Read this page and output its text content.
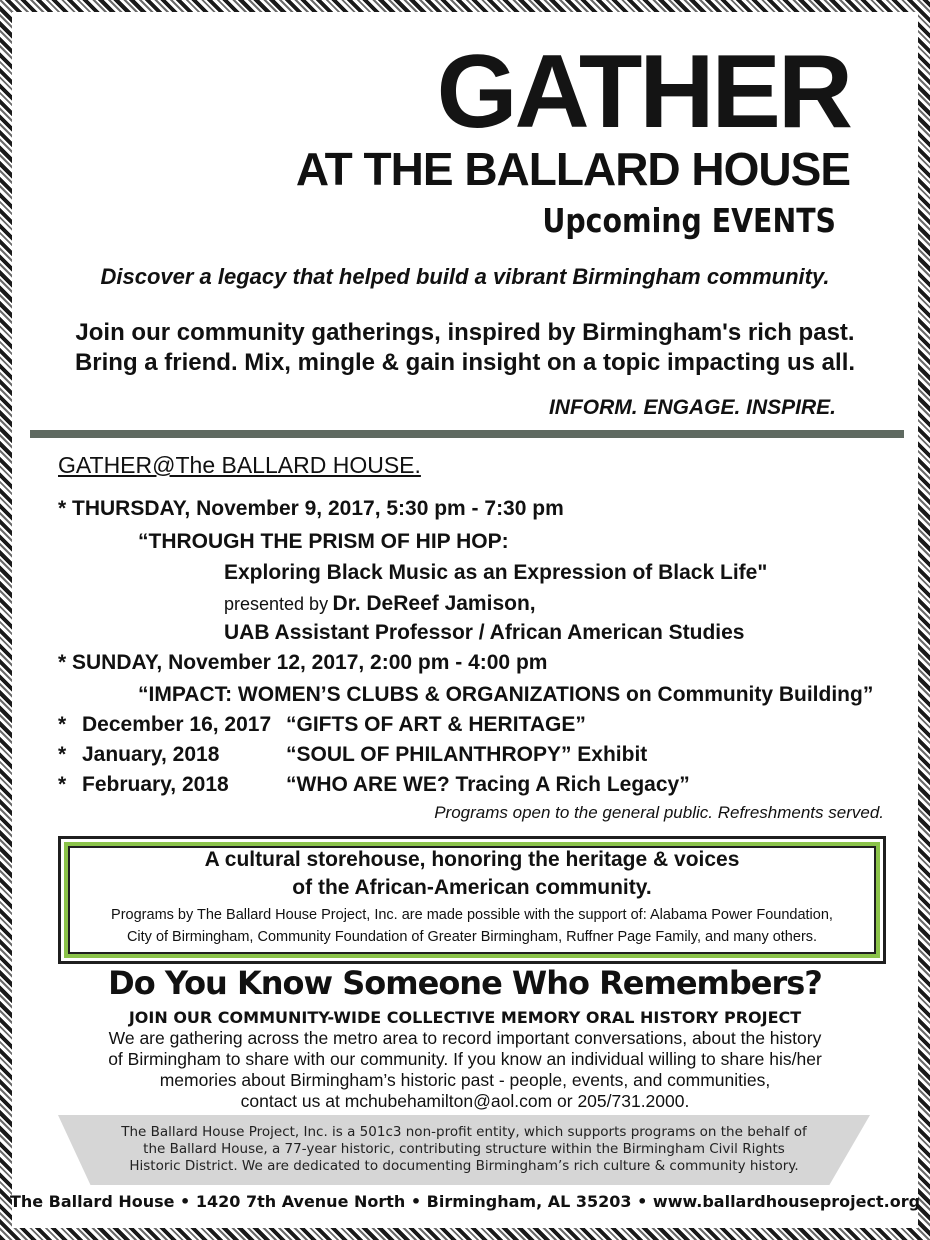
GATHER
AT THE BALLARD HOUSE
Upcoming EVENTS
Discover a legacy that helped build a vibrant Birmingham community.
Join our community gatherings, inspired by Birmingham's rich past.
Bring a friend. Mix, mingle & gain insight on a topic impacting us all.
INFORM. ENGAGE. INSPIRE.
GATHER@The BALLARD HOUSE.
* THURSDAY, November 9, 2017, 5:30 pm - 7:30 pm
“THROUGH THE PRISM OF HIP HOP:
Exploring Black Music as an Expression of Black Life"
presented by Dr. DeReef Jamison,
UAB Assistant Professor / African American Studies
* SUNDAY, November 12, 2017, 2:00 pm - 4:00 pm
“IMPACT: WOMEN’S CLUBS & ORGANIZATIONS on Community Building”
* December 16, 2017 “GIFTS OF ART & HERITAGE”
* January, 2018	“SOUL OF PHILANTHROPY” Exhibit
* February, 2018	“WHO ARE WE? Tracing A Rich Legacy”
Programs open to the general public. Refreshments served.
A cultural storehouse, honoring the heritage & voices
of the African-American community.
Programs by The Ballard House Project, Inc. are made possible with the support of: Alabama Power Foundation,
City of Birmingham, Community Foundation of Greater Birmingham, Ruffner Page Family, and many others.
Do You Know Someone Who Remembers?
JOIN OUR COMMUNITY-WIDE COLLECTIVE MEMORY ORAL HISTORY PROJECT
We are gathering across the metro area to record important conversations, about the history
of Birmingham to share with our community. If you know an individual willing to share his/her
memories about Birmingham’s historic past - people, events, and communities,
contact us at mchubehamilton@aol.com or 205/731.2000.
The Ballard House Project, Inc. is a 501c3 non-profit entity, which supports programs on the behalf of
the Ballard House, a 77-year historic, contributing structure within the Birmingham Civil Rights
Historic District. We are dedicated to documenting Birmingham’s rich culture & community history.
The Ballard House • 1420 7th Avenue North • Birmingham, AL 35203 • www.ballardhouseproject.org
